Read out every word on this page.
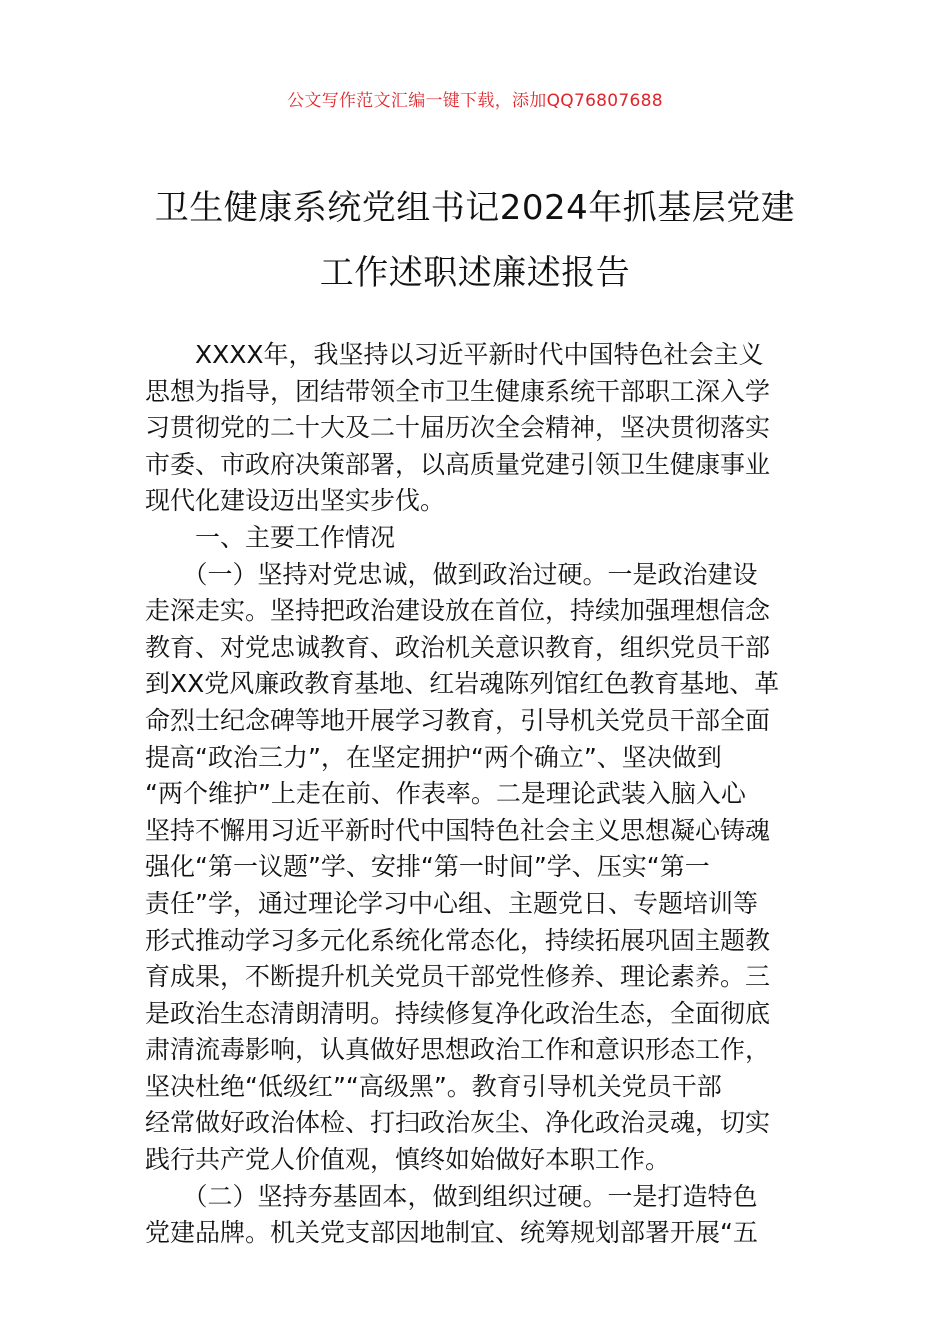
公文写作范文汇编一键下载，添加QQ76807688
卫生健康系统党组书记2024年抓基层党建
工作述职述廉述报告
　　XXXX年，我坚持以习近平新时代中国特色社会主义
思想为指导，团结带领全市卫生健康系统干部职工深入学
习贯彻党的二十大及二十届历次全会精神，坚决贯彻落实
市委、市政府决策部署，以高质量党建引领卫生健康事业
现代化建设迈出坚实步伐。
　　一、主要工作情况
　　（一）坚持对党忠诚，做到政治过硬。一是政治建设
走深走实。坚持把政治建设放在首位，持续加强理想信念
教育、对党忠诚教育、政治机关意识教育，组织党员干部
到XX党风廉政教育基地、红岩魂陈列馆红色教育基地、革
命烈士纪念碑等地开展学习教育，引导机关党员干部全面
提高“政治三力”，在坚定拥护“两个确立”、坚决做到
“两个维护”上走在前、作表率。二是理论武装入脑入心
坚持不懈用习近平新时代中国特色社会主义思想凝心铸魂
强化“第一议题”学、安排“第一时间”学、压实“第一
责任”学，通过理论学习中心组、主题党日、专题培训等
形式推动学习多元化系统化常态化，持续拓展巩固主题教
育成果，不断提升机关党员干部党性修养、理论素养。三
是政治生态清朗清明。持续修复净化政治生态，全面彻底
肃清流毒影响，认真做好思想政治工作和意识形态工作，
坚决杜绝“低级红”“高级黑”。教育引导机关党员干部
经常做好政治体检、打扫政治灰尘、净化政治灵魂，切实
践行共产党人价值观，慎终如始做好本职工作。
　　（二）坚持夯基固本，做到组织过硬。一是打造特色
党建品牌。机关党支部因地制宜、统筹规划部署开展“五
